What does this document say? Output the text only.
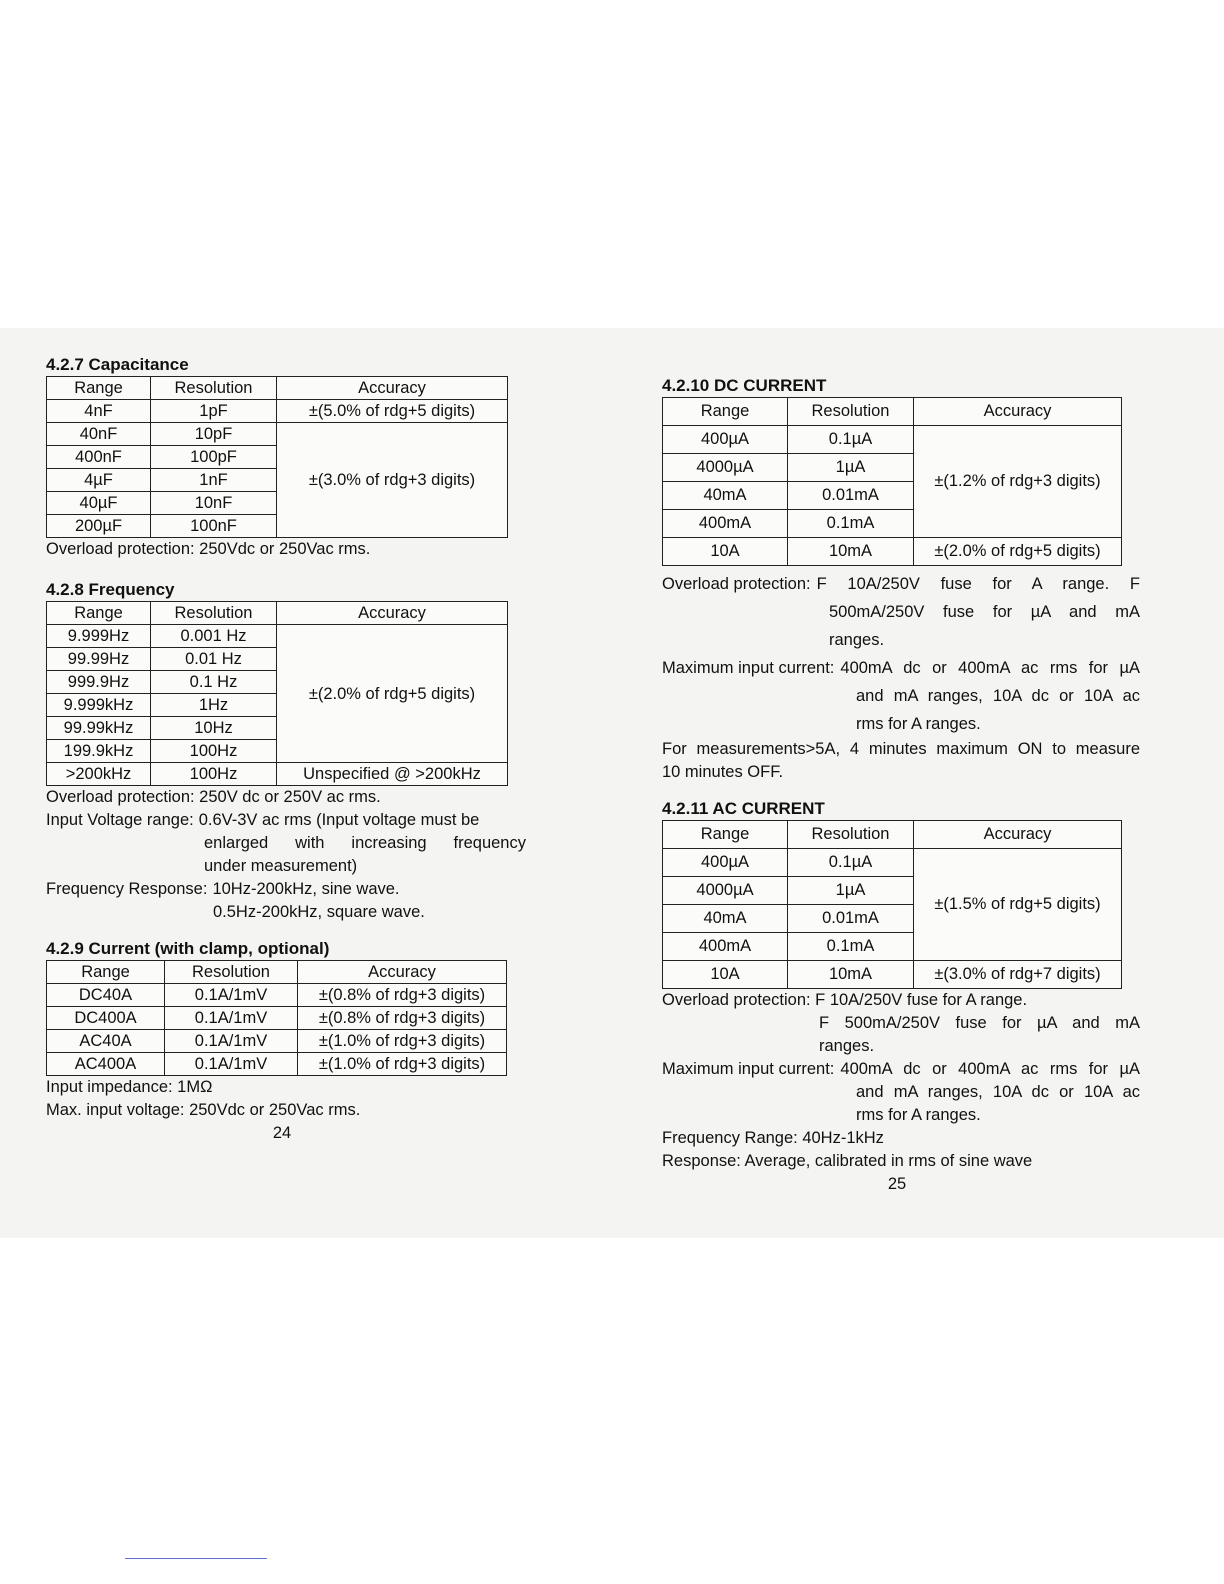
4.2.7 Capacitance
Range	Resolution	Accuracy
4nF	1pF	±(5.0% of rdg+5 digits)
40nF	10pF	±(3.0% of rdg+3 digits)
400nF	100pF	
4µF	1nF	
40µF	10nF	
200µF	100nF	

Overload protection: 250Vdc or 250Vac rms.

4.2.8 Frequency
Range	Resolution	Accuracy
9.999Hz	0.001 Hz	±(2.0% of rdg+5 digits)
99.99Hz	0.01 Hz	
999.9Hz	0.1 Hz	
9.999kHz	1Hz	
99.99kHz	10Hz	
199.9kHz	100Hz	
>200kHz	100Hz	Unspecified @ >200kHz

Overload protection: 250V dc or 250V ac rms.

Input Voltage range: 0.6V-3V ac rms (Input voltage must be
enlarged with increasing frequency
under measurement)
Frequency Response: 10Hz-200kHz, sine wave.
0.5Hz-200kHz, square wave.
4.2.9 Current (with clamp, optional)
Range	Resolution	Accuracy
DC40A	0.1A/1mV	±(0.8% of rdg+3 digits)
DC400A	0.1A/1mV	±(0.8% of rdg+3 digits)
AC40A	0.1A/1mV	±(1.0% of rdg+3 digits)
AC400A	0.1A/1mV	±(1.0% of rdg+3 digits)

Input impedance: 1MΩ

Max. input voltage: 250Vdc or 250Vac rms.

24

4.2.10 DC CURRENT
Range	Resolution	Accuracy
400µA	0.1µA	±(1.2% of rdg+3 digits)
4000µA	1µA	
40mA	0.01mA	
400mA	0.1mA	
10A	10mA	±(2.0% of rdg+5 digits)
Overload protection: F 10A/250V fuse for A range. F
500mA/250V fuse for µA and mA
ranges.
Maximum input current: 400mA dc or 400mA ac rms for µA
and mA ranges, 10A dc or 10A ac
rms for A ranges.
For measurements>5A, 4 minutes maximum ON to measure
10 minutes OFF.
4.2.11 AC CURRENT
Range	Resolution	Accuracy
400µA	0.1µA	±(1.5% of rdg+5 digits)
4000µA	1µA	
40mA	0.01mA	
400mA	0.1mA	
10A	10mA	±(3.0% of rdg+7 digits)
Overload protection: F 10A/250V fuse for A range.
F 500mA/250V fuse for µA and mA
ranges.
Maximum input current: 400mA dc or 400mA ac rms for µA
and mA ranges, 10A dc or 10A ac
rms for A ranges.
Frequency Range: 40Hz-1kHz
Response: Average, calibrated in rms of sine wave
25
